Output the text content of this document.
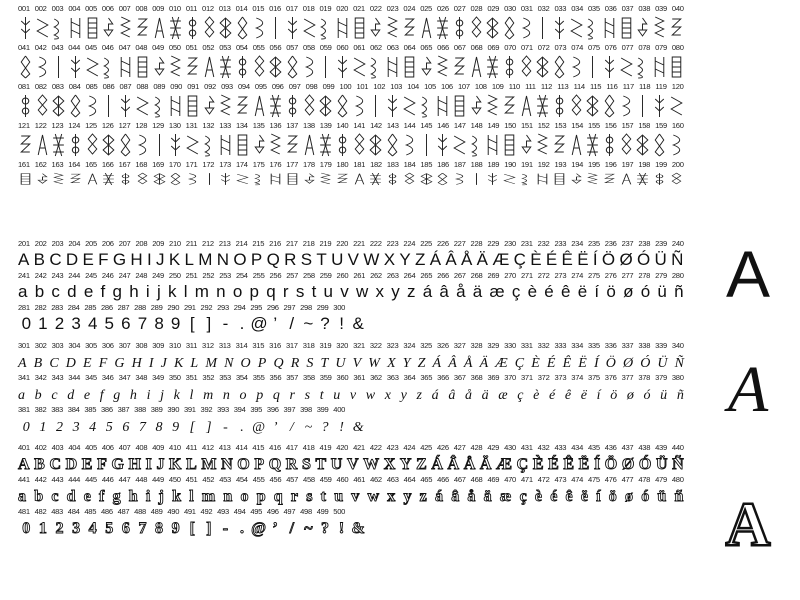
001 002 003 004 005 006 007 008 009 010 011 012 013 014 015 016 017 018 019 020 021 022 023 024 025 026 027 028 029 030 031 032 033 034 035 036 037 038 039 040
041 042 043 044 045 046 047 048 049 050 051 052 053 054 055 056 057 058 059 060 061 062 063 064 065 066 067 068 069 070 071 072 073 074 075 076 077 078 079 080
081 082 083 084 085 086 087 088 089 090 091 092 093 094 095 096 097 098 099 100 101 102 103 104 105 106 107 108 109 110 111 112 113 114 115 116 117 118 119 120
121 122 123 124 125 126 127 128 129 130 131 132 133 134 135 136 137 138 139 140 141 142 143 144 145 146 147 148 149 150 151 152 153 154 155 156 157 158 159 160
161 162 163 164 165 166 167 168 169 170 171 172 173 174 175 176 177 178 179 180 181 182 183 184 185 186 187 188 189 190 191 192 193 194 195 196 197 198 199 200
201 202 203 204 205 206 207 208 209 210 211 212 213 214 215 216 217 218 219 220 221 222 223 224 225 226 227 228 229 230 231 232 233 234 235 236 237 238 239 240
A B C D E F G H I J K L M N O P Q R S T U V W X Y Z Á Â Å Ä Æ Ç È É Ê Ë Í Ö Ø Ó Ü Ñ
241 242 243 244 245 246 247 248 249 250 251 252 253 254 255 256 257 258 259 260 261 262 263 264 265 266 267 268 269 270 271 272 273 274 275 276 277 278 279 280
a b c d e f g h i j k l m n o p q r s t u v w x y z á â å ä æ ç è é ê ë í ö ø ó ü ñ
281 282 283 284 285 286 287 288 289 290 291 292 293 294 295 296 297 298 299 300
0 1 2 3 4 5 6 7 8 9 [ ] - . @ ’ / ~ ? ! &
301 302 303 304 305 306 307 308 309 310 311 312 313 314 315 316 317 318 319 320 321 322 323 324 325 326 327 328 329 330 331 332 333 334 335 336 337 338 339 340
A B C D E F G H I J K L M N O P Q R S T U V W X Y Z Á Â Å Ä Æ Ç È É Ê Ë Í Ö Ø Ó Ü Ñ
341 342 343 344 345 346 347 348 349 350 351 352 353 354 355 356 357 358 359 360 361 362 363 364 365 366 367 368 369 370 371 372 373 374 375 376 377 378 379 380
a b c d e f g h i j k l m n o p q r s t u v w x y z á â å ä æ ç è é ê ë í ö ø ó ü ñ
381 382 383 384 385 386 387 388 389 390 391 392 393 394 395 396 397 398 399 400
0 1 2 3 4 5 6 7 8 9 [ ] - . @ ’ / ~ ? ! &
401 402 403 404 405 406 407 408 409 410 411 412 413 414 415 416 417 418 419 420 421 422 423 424 425 426 427 428 429 430 431 432 433 434 435 436 437 438 439 440
A B C D E F G H I J K L M N O P Q R S T U V W X Y Z Á Â Å Ä Æ Ç È É Ê Ë Í Ö Ø Ó Ü Ñ
441 442 443 444 445 446 447 448 449 450 451 452 453 454 455 456 457 458 459 460 461 462 463 464 465 466 467 468 469 470 471 472 473 474 475 476 477 478 479 480
a b c d e f g h i j k l m n o p q r s t u v w x y z á â å ä æ ç è é ê ë í ö ø ó ü ñ
481 482 483 484 485 486 487 488 489 490 491 492 493 494 495 496 497 498 499 500
0 1 2 3 4 5 6 7 8 9 [ ] - . @ ’ / ~ ? ! &
A
A
A
